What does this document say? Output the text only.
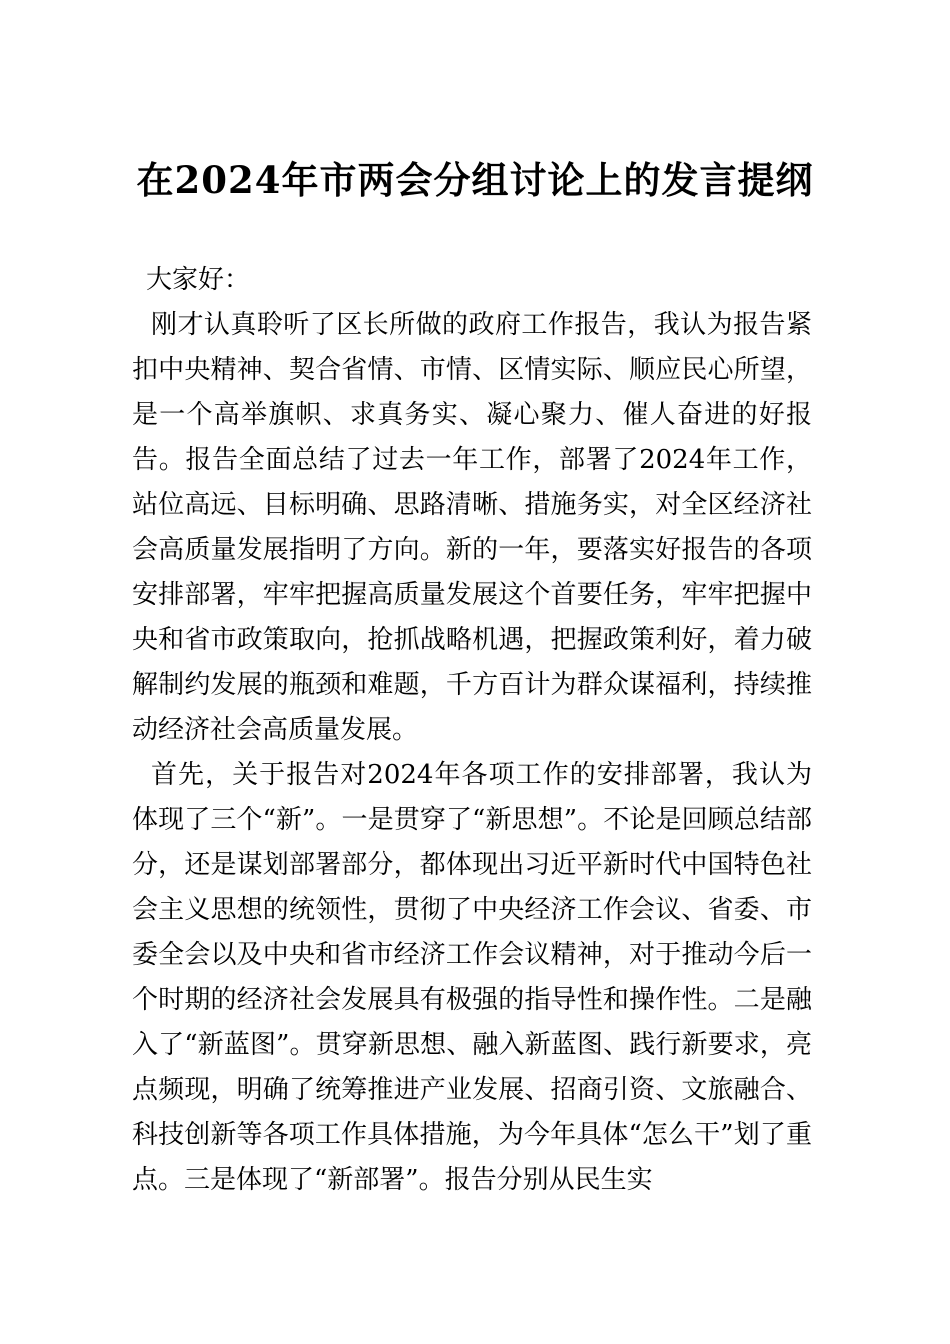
在2024年市两会分组讨论上的发言提纲

大家好：

刚才认真聆听了区长所做的政府工作报告，我认为报告紧扣中央精神、契合省情、市情、区情实际、顺应民心所望，是一个高举旗帜、求真务实、凝心聚力、催人奋进的好报告。报告全面总结了过去一年工作，部署了2024年工作，站位高远、目标明确、思路清晰、措施务实，对全区经济社会高质量发展指明了方向。新的一年，要落实好报告的各项安排部署，牢牢把握高质量发展这个首要任务，牢牢把握中央和省市政策取向，抢抓战略机遇，把握政策利好，着力破解制约发展的瓶颈和难题，千方百计为群众谋福利，持续推动经济社会高质量发展。

首先，关于报告对2024年各项工作的安排部署，我认为体现了三个“新”。一是贯穿了“新思想”。不论是回顾总结部分，还是谋划部署部分，都体现出习近平新时代中国特色社会主义思想的统领性，贯彻了中央经济工作会议、省委、市委全会以及中央和省市经济工作会议精神，对于推动今后一个时期的经济社会发展具有极强的指导性和操作性。二是融入了“新蓝图”。贯穿新思想、融入新蓝图、践行新要求，亮点频现，明确了统筹推进产业发展、招商引资、文旅融合、科技创新等各项工作具体措施，为今年具体“怎么干”划了重点。三是体现了“新部署”。报告分别从民生实
